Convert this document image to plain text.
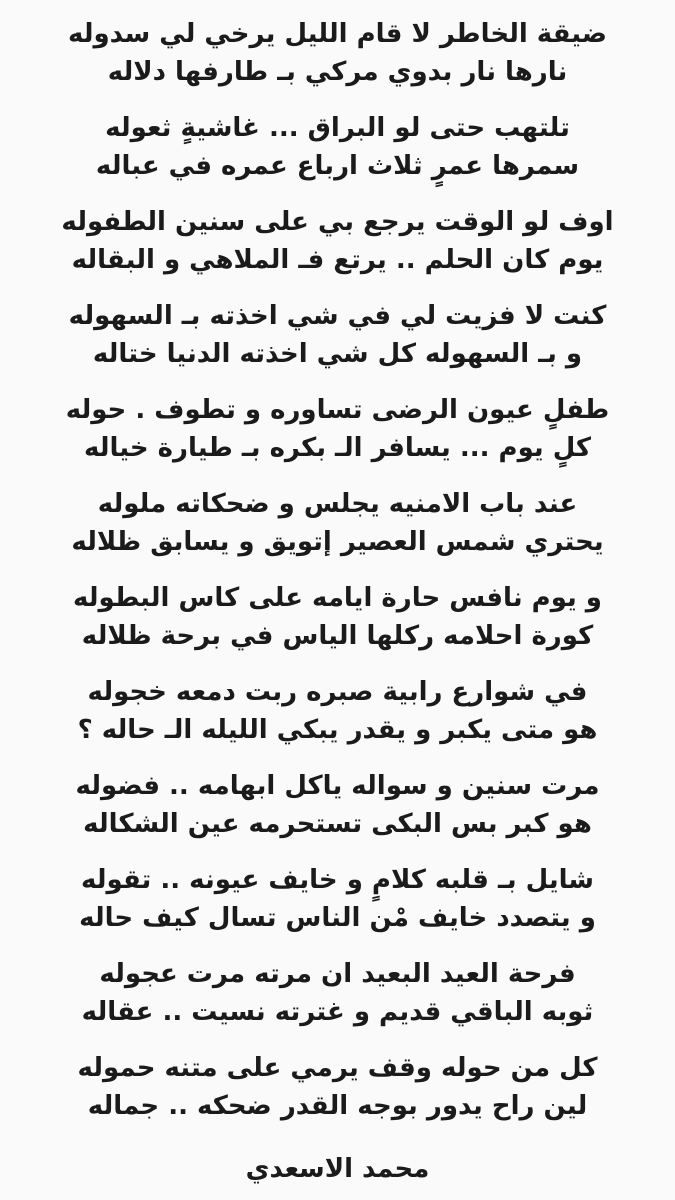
ضيقة الخاطر لا قام الليل يرخي لي سدوله

نارها نار بدوي مركي بـ طارفها دلاله

تلتهب حتى لو البراق ... غاشيةٍ ثعوله

سمرها عمرٍ ثلاث ارباع عمره في عباله

اوف لو الوقت يرجع بي على سنين الطفوله

يوم كان الحلم .. يرتع فـ الملاهي و البقاله

كنت لا فزيت لي في شي اخذته بـ السهوله

و بـ السهوله كل شي اخذته الدنيا ختاله

طفلٍ عيون الرضى تساوره و تطوف . حوله

كلٍ يوم ... يسافر الـ بكره بـ طيارة خياله

عند باب الامنيه يجلس و ضحكاته ملوله

يحتري شمس العصير إتويق و يسابق ظلاله

و يوم نافس حارة ايامه على كاس البطوله

كورة احلامه ركلها الياس في برحة ظلاله

في شوارع رابية صبره ربت دمعه خجوله

هو متى يكبر و يقدر يبكي الليله الـ حاله ؟

مرت سنين و سواله ياكل ابهامه .. فضوله

هو كبر بس البكى تستحرمه عين الشكاله

شايل بـ قلبه كلامٍ و خايف عيونه .. تقوله

و يتصدد خايف مْن الناس تسال كيف حاله

فرحة العيد البعيد ان مرته مرت عجوله

ثوبه الباقي قديم و غترته نسيت .. عقاله

كل من حوله وقف يرمي على متنه حموله

لين راح يدور بوجه القدر ضحكه .. جماله

محمد الاسعدي
